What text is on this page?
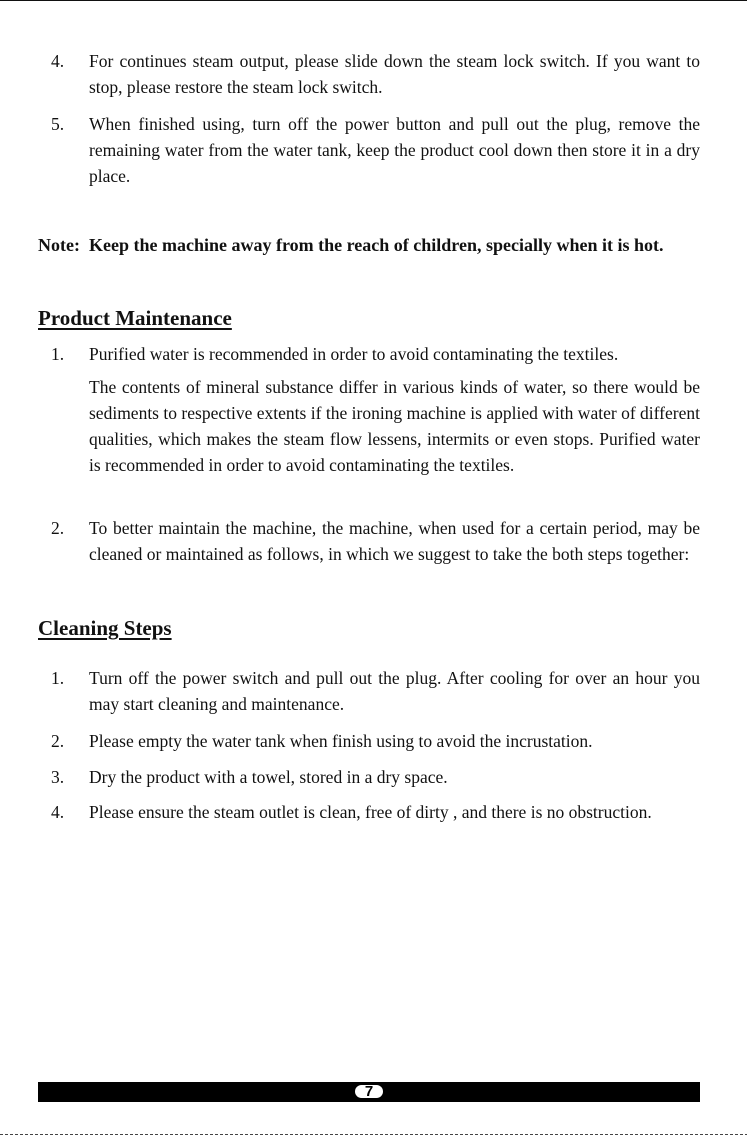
4.	For continues steam output, please slide down the steam lock switch. If you want to stop, please restore the steam lock switch.
5.	When finished using, turn off the power button and pull out the plug, remove the remaining water from the water tank, keep the product cool down then store it in a dry place.
Note: Keep the machine away from the reach of children, specially when it is hot.
Product Maintenance
1.	Purified water is recommended in order to avoid contaminating the textiles.
The contents of mineral substance differ in various kinds of water, so there would be sediments to respective extents if the ironing machine is applied with water of different qualities, which makes the steam flow lessens, intermits or even stops. Purified water is recommended in order to avoid contaminating the textiles.
2.	To better maintain the machine, the machine, when used for a certain period, may be cleaned or maintained as follows, in which we suggest to take the both steps together:
Cleaning Steps
1.	Turn off the power switch and pull out the plug. After cooling for over an hour you may start cleaning and maintenance.
2.	Please empty the water tank when finish using to avoid the incrustation.
3.	Dry the product with a towel, stored in a dry space.
4.	Please ensure the steam outlet is clean, free of dirty , and there is no obstruction.
7
